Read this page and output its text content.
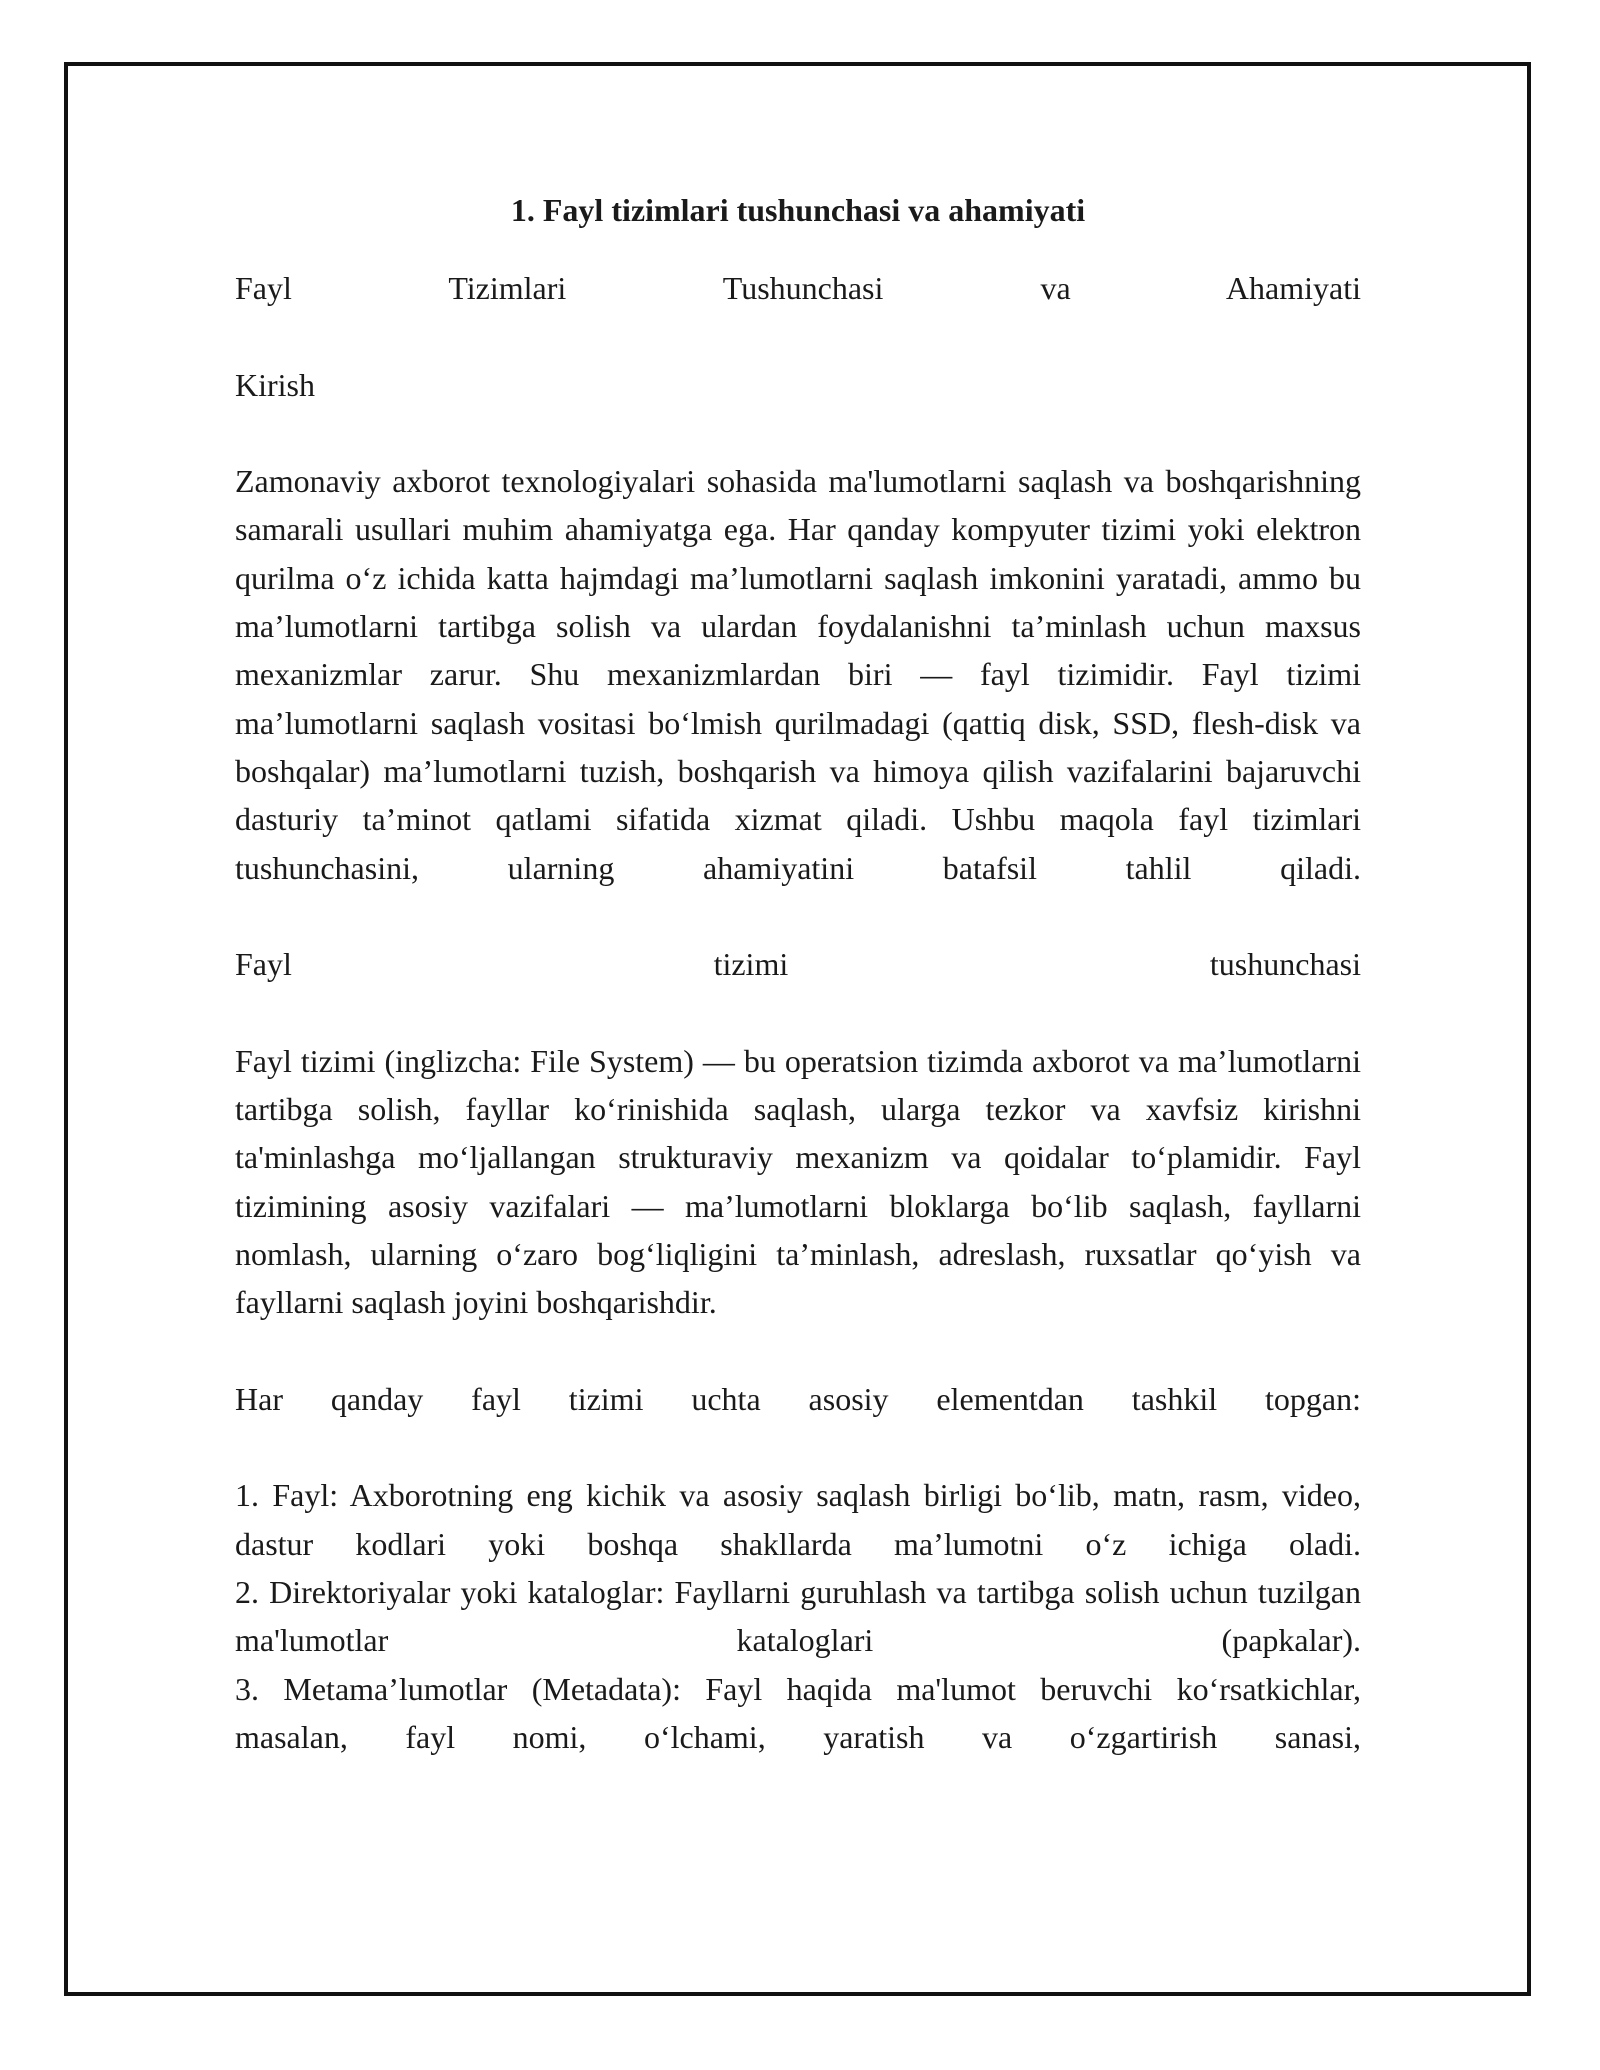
1. Fayl tizimlari tushunchasi va ahamiyati

Fayl Tizimlari Tushunchasi va Ahamiyati

Kirish

Zamonaviy axborot texnologiyalari sohasida ma'lumotlarni saqlash va boshqarishning samarali usullari muhim ahamiyatga ega. Har qanday kompyuter tizimi yoki elektron qurilma o‘z ichida katta hajmdagi ma’lumotlarni saqlash imkonini yaratadi, ammo bu ma’lumotlarni tartibga solish va ulardan foydalanishni ta’minlash uchun maxsus mexanizmlar zarur. Shu mexanizmlardan biri — fayl tizimidir. Fayl tizimi ma’lumotlarni saqlash vositasi bo‘lmish qurilmadagi (qattiq disk, SSD, flesh-disk va boshqalar) ma’lumotlarni tuzish, boshqarish va himoya qilish vazifalarini bajaruvchi dasturiy ta’minot qatlami sifatida xizmat qiladi. Ushbu maqola fayl tizimlari tushunchasini, ularning ahamiyatini batafsil tahlil qiladi.

Fayl tizimi tushunchasi

Fayl tizimi (inglizcha: File System) — bu operatsion tizimda axborot va ma’lumotlarni tartibga solish, fayllar ko‘rinishida saqlash, ularga tezkor va xavfsiz kirishni ta'minlashga mo‘ljallangan strukturaviy mexanizm va qoidalar to‘plamidir. Fayl tizimining asosiy vazifalari — ma’lumotlarni bloklarga bo‘lib saqlash, fayllarni nomlash, ularning o‘zaro bog‘liqligini ta’minlash, adreslash, ruxsatlar qo‘yish va fayllarni saqlash joyini boshqarishdir.

Har qanday fayl tizimi uchta asosiy elementdan tashkil topgan:

1. Fayl: Axborotning eng kichik va asosiy saqlash birligi bo‘lib, matn, rasm, video, dastur kodlari yoki boshqa shakllarda ma’lumotni o‘z ichiga oladi.
2. Direktoriyalar yoki kataloglar: Fayllarni guruhlash va tartibga solish uchun tuzilgan ma'lumotlar kataloglari (papkalar).
3. Metama’lumotlar (Metadata): Fayl haqida ma'lumot beruvchi ko‘rsatkichlar, masalan, fayl nomi, o‘lchami, yaratish va o‘zgartirish sanasi,
